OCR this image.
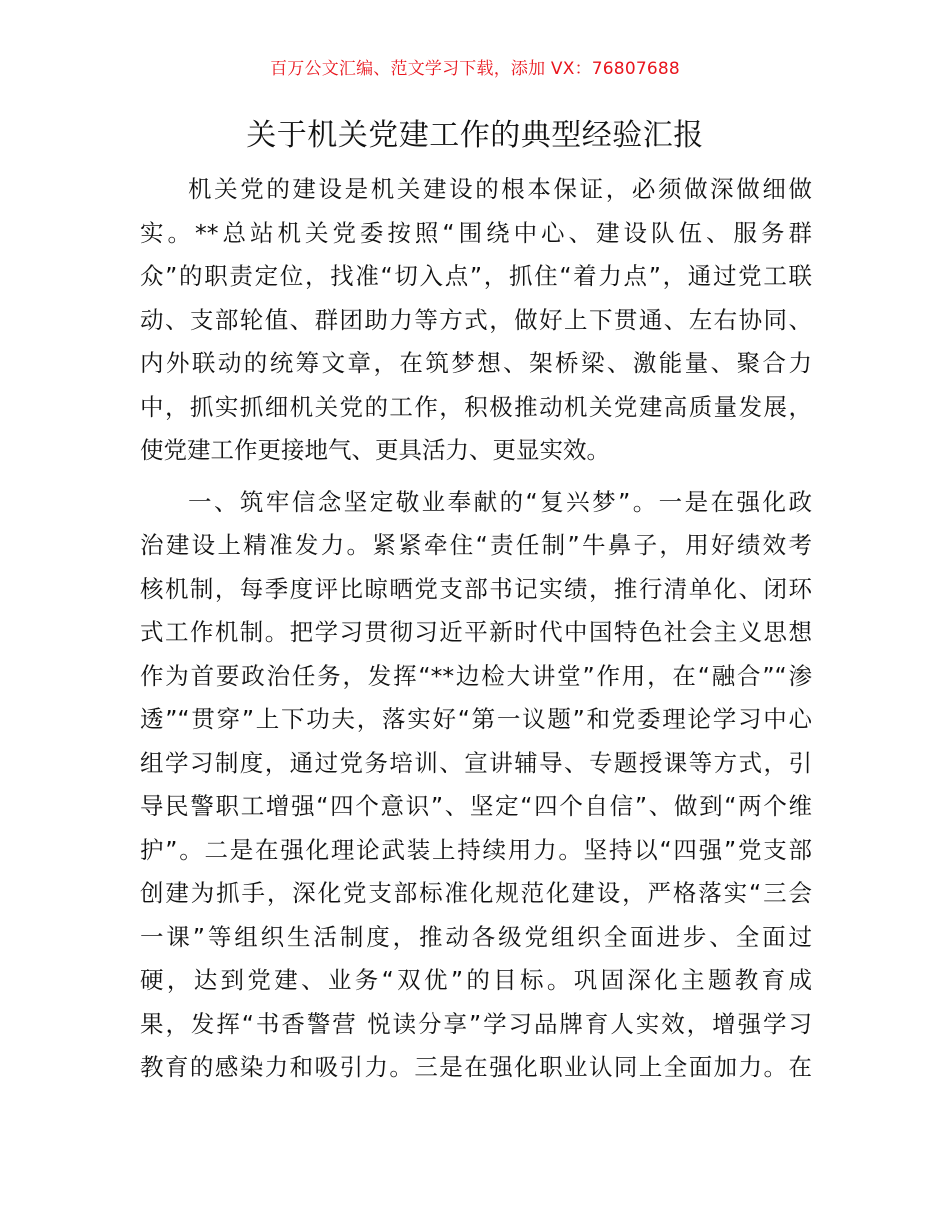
百万公文汇编、范文学习下载，添加 VX：76807688
关于机关党建工作的典型经验汇报
机关党的建设是机关建设的根本保证，必须做深做细做
实。**总站机关党委按照“围绕中心、建设队伍、服务群
众”的职责定位，找准“切入点”，抓住“着力点”，通过党工联
动、支部轮值、群团助力等方式，做好上下贯通、左右协同、
内外联动的统筹文章，在筑梦想、架桥梁、激能量、聚合力
中，抓实抓细机关党的工作，积极推动机关党建高质量发展，
使党建工作更接地气、更具活力、更显实效。
一、筑牢信念坚定敬业奉献的“复兴梦”。一是在强化政
治建设上精准发力。紧紧牵住“责任制”牛鼻子，用好绩效考
核机制，每季度评比晾晒党支部书记实绩，推行清单化、闭环
式工作机制。把学习贯彻习近平新时代中国特色社会主义思想
作为首要政治任务，发挥“**边检大讲堂”作用，在“融合”“渗
透”“贯穿”上下功夫，落实好“第一议题”和党委理论学习中心
组学习制度，通过党务培训、宣讲辅导、专题授课等方式，引
导民警职工增强“四个意识”、坚定“四个自信”、做到“两个维
护”。二是在强化理论武装上持续用力。坚持以“四强”党支部
创建为抓手，深化党支部标准化规范化建设，严格落实“三会
一课”等组织生活制度，推动各级党组织全面进步、全面过
硬，达到党建、业务“双优”的目标。巩固深化主题教育成
果，发挥“书香警营 悦读分享”学习品牌育人实效，增强学习
教育的感染力和吸引力。三是在强化职业认同上全面加力。在
